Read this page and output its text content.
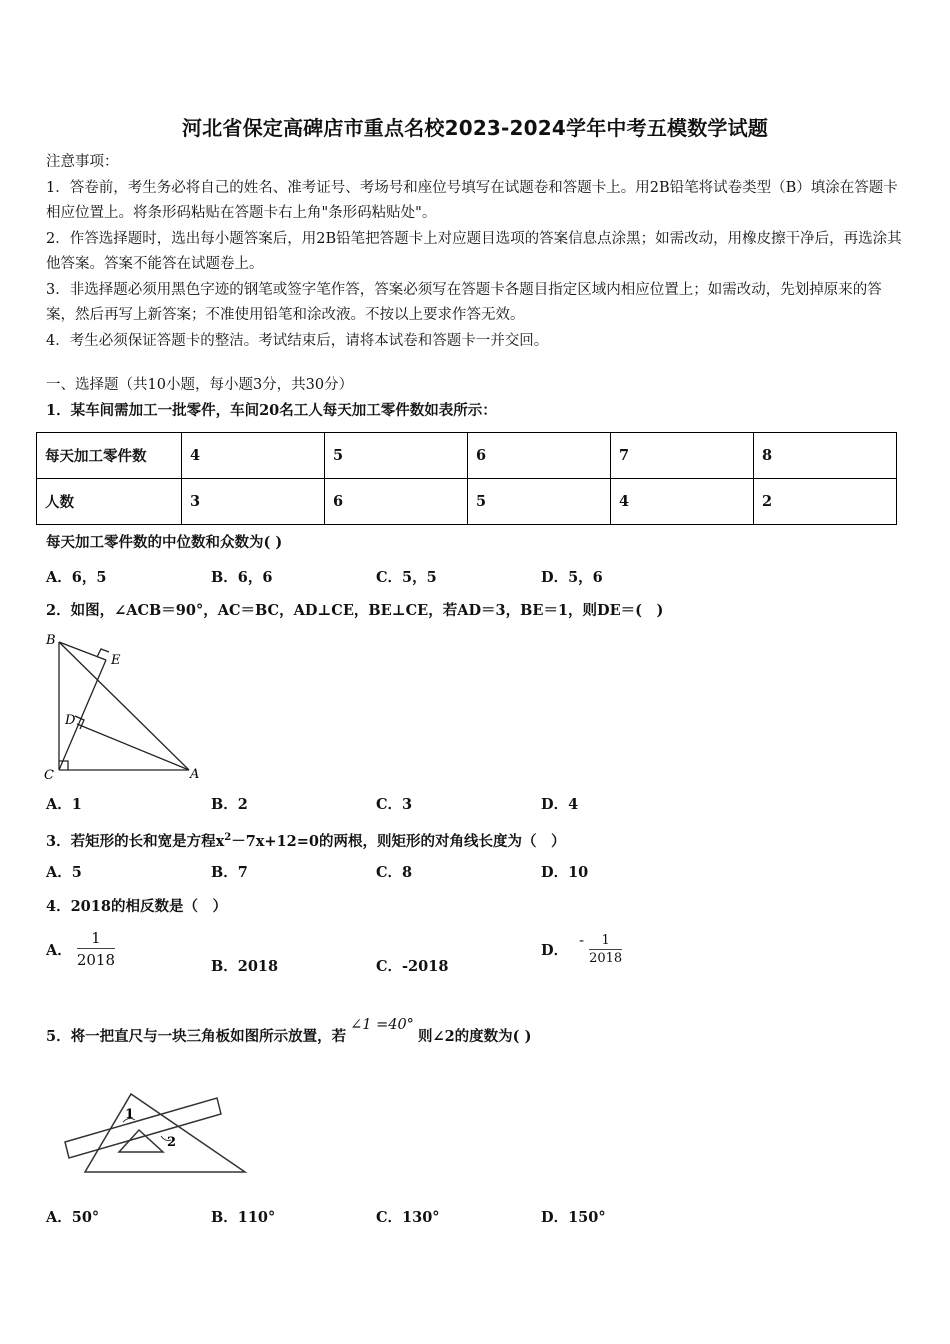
河北省保定高碑店市重点名校2023-2024学年中考五模数学试题
注意事项：
1．答卷前，考生务必将自己的姓名、准考证号、考场号和座位号填写在试题卷和答题卡上。用2B铅笔将试卷类型（B）填涂在答题卡相应位置上。将条形码粘贴在答题卡右上角"条形码粘贴处"。
2．作答选择题时，选出每小题答案后，用2B铅笔把答题卡上对应题目选项的答案信息点涂黑；如需改动，用橡皮擦干净后，再选涂其他答案。答案不能答在试题卷上。
3．非选择题必须用黑色字迹的钢笔或签字笔作答，答案必须写在答题卡各题目指定区域内相应位置上；如需改动，先划掉原来的答案，然后再写上新答案；不准使用铅笔和涂改液。不按以上要求作答无效。
4．考生必须保证答题卡的整洁。考试结束后，请将本试卷和答题卡一并交回。
一、选择题（共10小题，每小题3分，共30分）
1．某车间需加工一批零件，车间20名工人每天加工零件数如表所示：
每天加工零件数	4	5	6	7	8
人数	3	6	5	4	2
每天加工零件数的中位数和众数为( )
A．6，5	B．6，6	C．5，5	D．5，6
2．如图，∠ACB＝90°，AC＝BC，AD⊥CE，BE⊥CE，若AD＝3，BE＝1，则DE＝(　)
B
E
D
C	A
A．1	B．2	C．3	D．4
3．若矩形的长和宽是方程$x^2-7x+12=0$的两根，则矩形的对角线长度为（　）
A．5	B．7	C．8	D．10
4．2018的相反数是（　）
A． $\frac{1}{2018}$	B．2018	C．-2018
D． - $\frac{1}{2018}$
5．将一把直尺与一块三角板如图所示放置，若∠1 =40°则∠2的度数为( )
1
2
A．50°	B．110°	C．130°	D．150°
